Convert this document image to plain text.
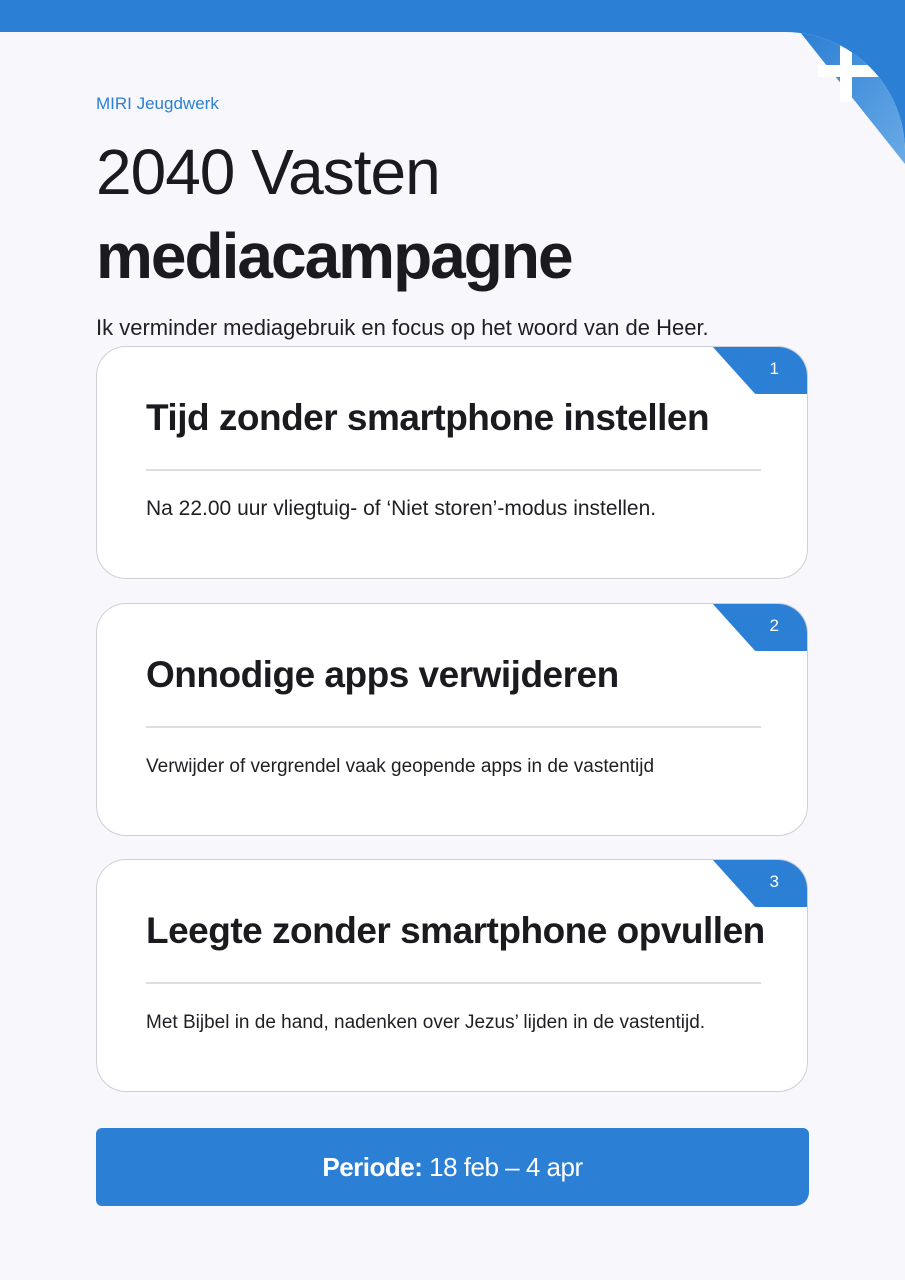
MIRI Jeugdwerk
2040 Vasten
mediacampagne
Ik verminder mediagebruik en focus op het woord van de Heer.
1
Tijd zonder smartphone instellen

Na 22.00 uur vliegtuig- of ‘Niet storen’-modus instellen.

2
Onnodige apps verwijderen

Verwijder of vergrendel vaak geopende apps in de vastentijd

3
Leegte zonder smartphone opvullen

Met Bijbel in de hand, nadenken over Jezus’ lijden in de vastentijd.

Periode: 18 feb – 4 apr
